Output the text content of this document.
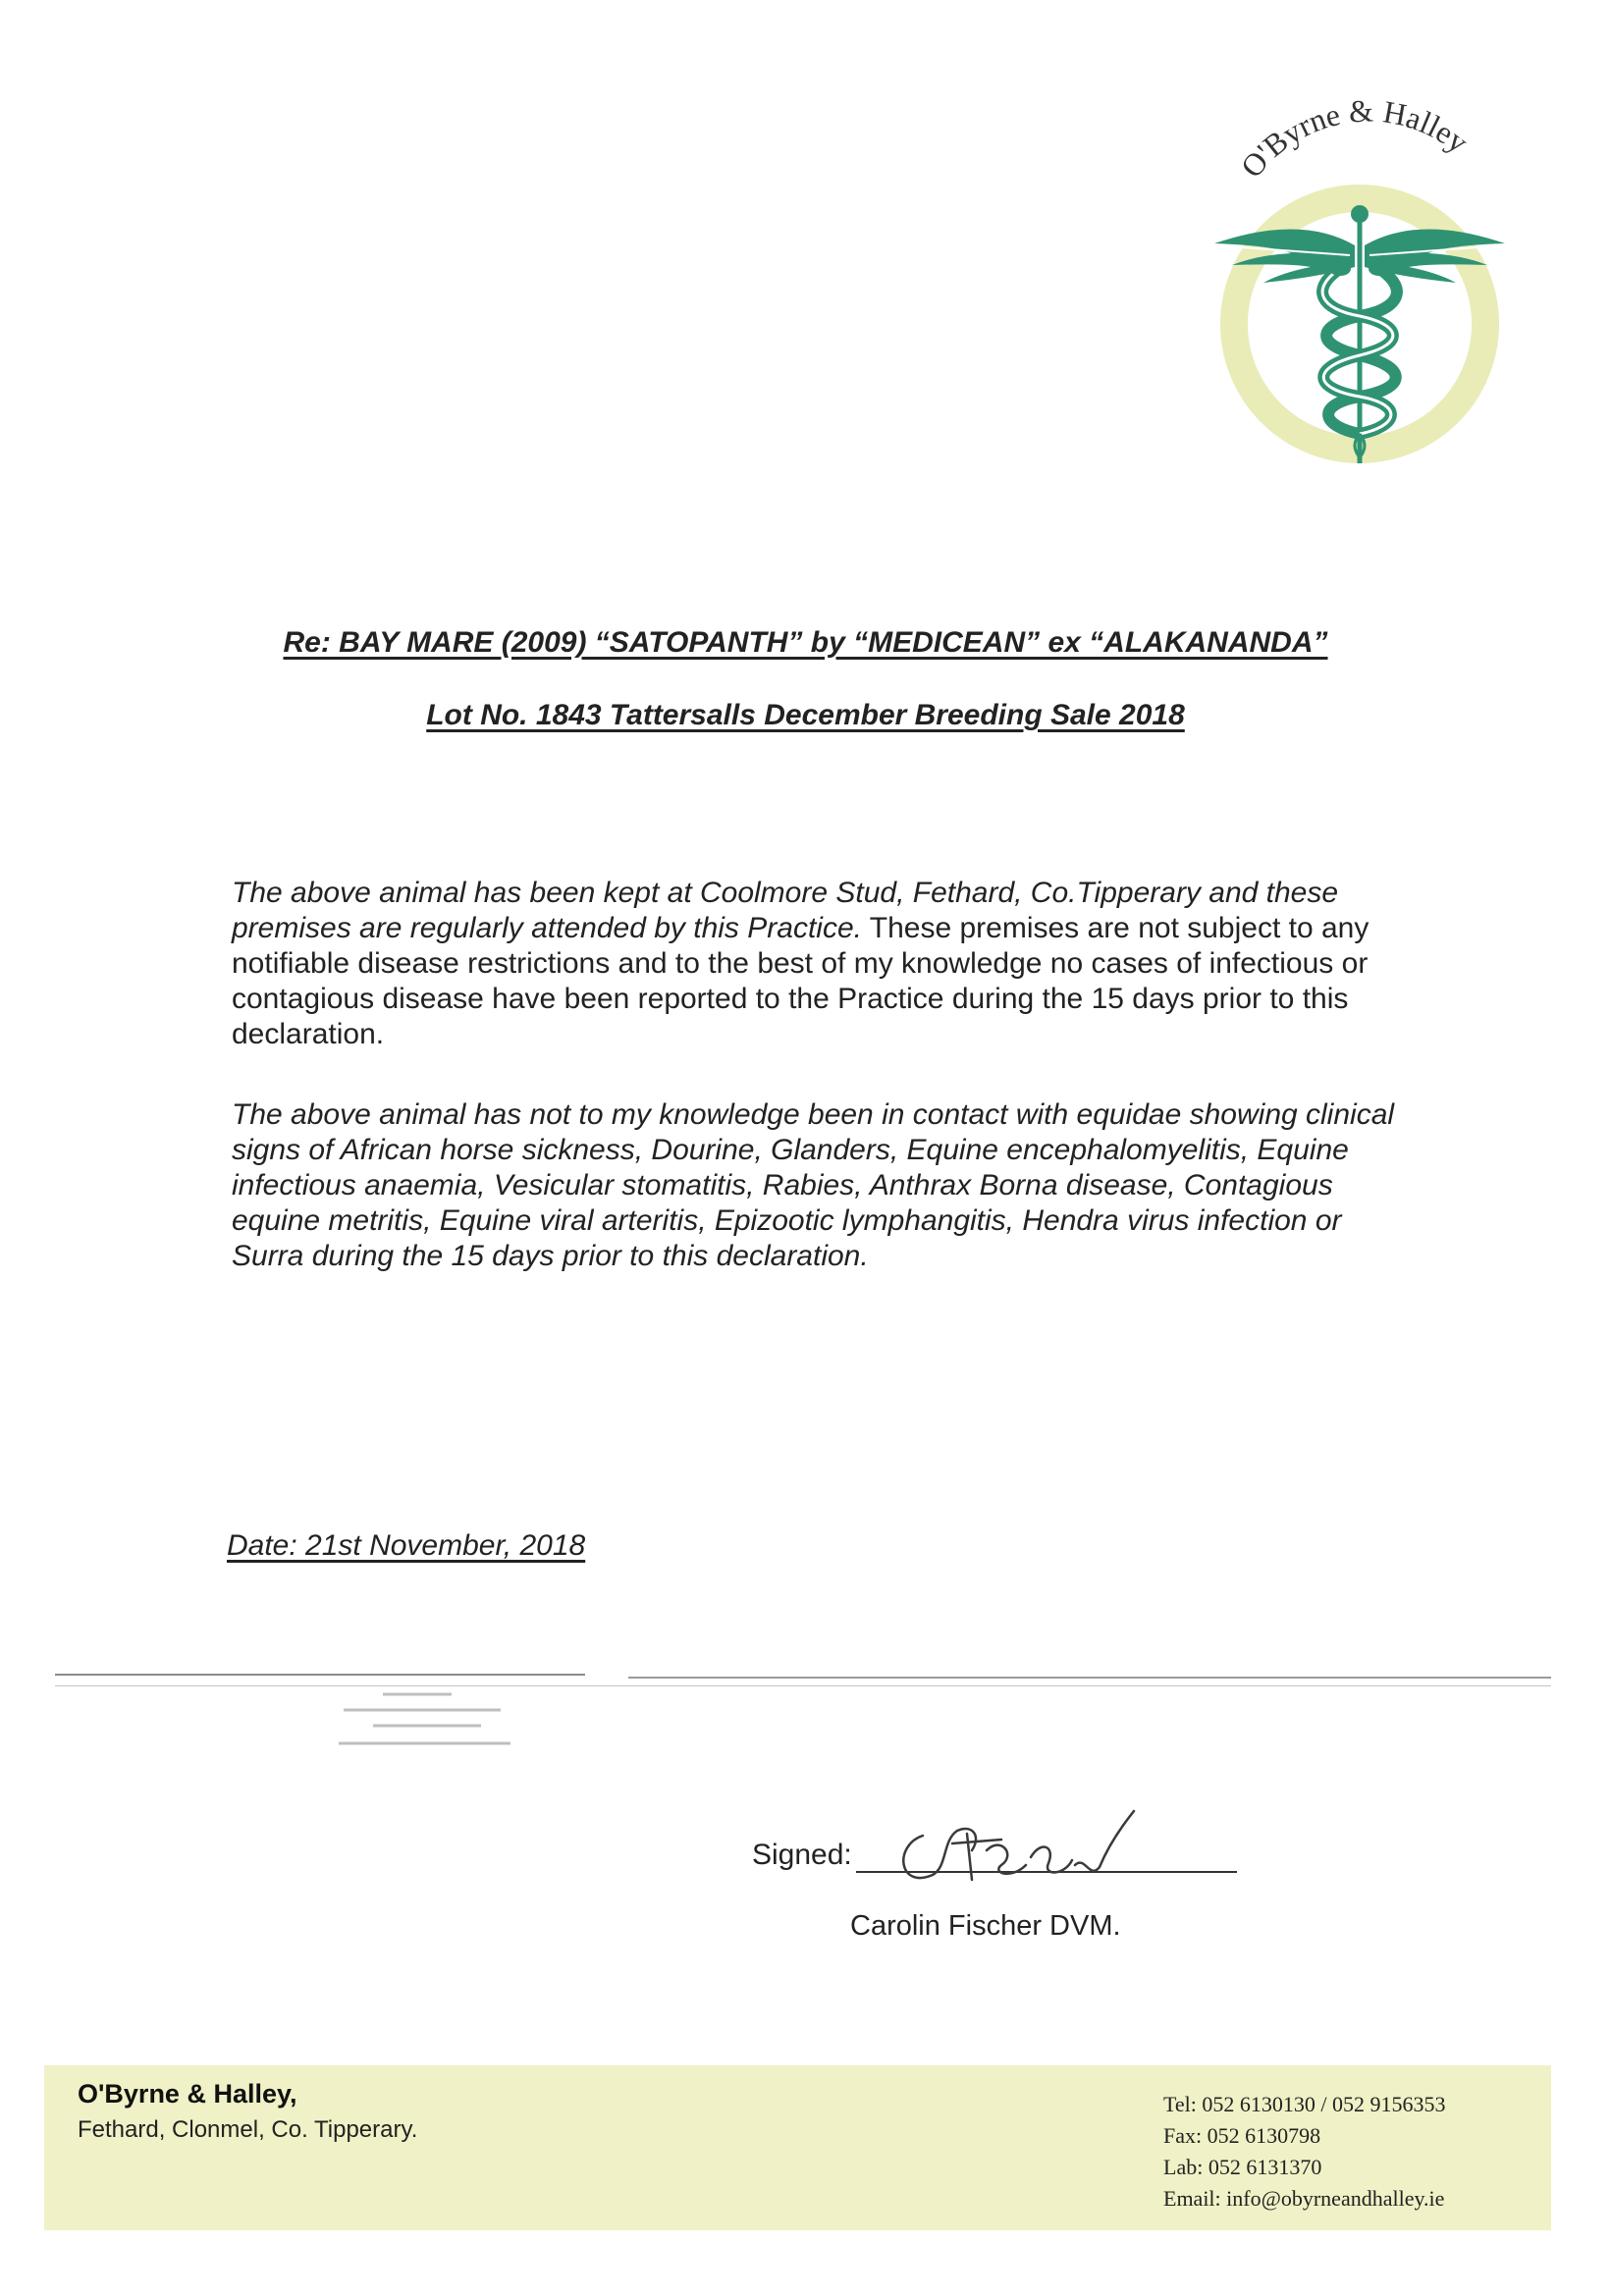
O'Byrne & Halley
Re: BAY MARE (2009) “SATOPANTH” by “MEDICEAN” ex “ALAKANANDA”
Lot No. 1843 Tattersalls December Breeding Sale 2018
The above animal has been kept at Coolmore Stud, Fethard, Co.Tipperary and these premises are regularly attended by this Practice. These premises are not subject to any notifiable disease restrictions and to the best of my knowledge no cases of infectious or contagious disease have been reported to the Practice during the 15 days prior to this declaration.
The above animal has not to my knowledge been in contact with equidae showing clinical signs of African horse sickness, Dourine, Glanders, Equine encephalomyelitis, Equine infectious anaemia, Vesicular stomatitis, Rabies, Anthrax Borna disease, Contagious equine metritis, Equine viral arteritis, Epizootic lymphangitis, Hendra virus infection or Surra during the 15 days prior to this declaration.
Date: 21st November, 2018
Signed:
Carolin Fischer DVM.
O'Byrne & Halley,
Fethard, Clonmel, Co. Tipperary.
Tel: 052 6130130 / 052 9156353
Fax: 052 6130798
Lab: 052 6131370
Email: info@obyrneandhalley.ie
